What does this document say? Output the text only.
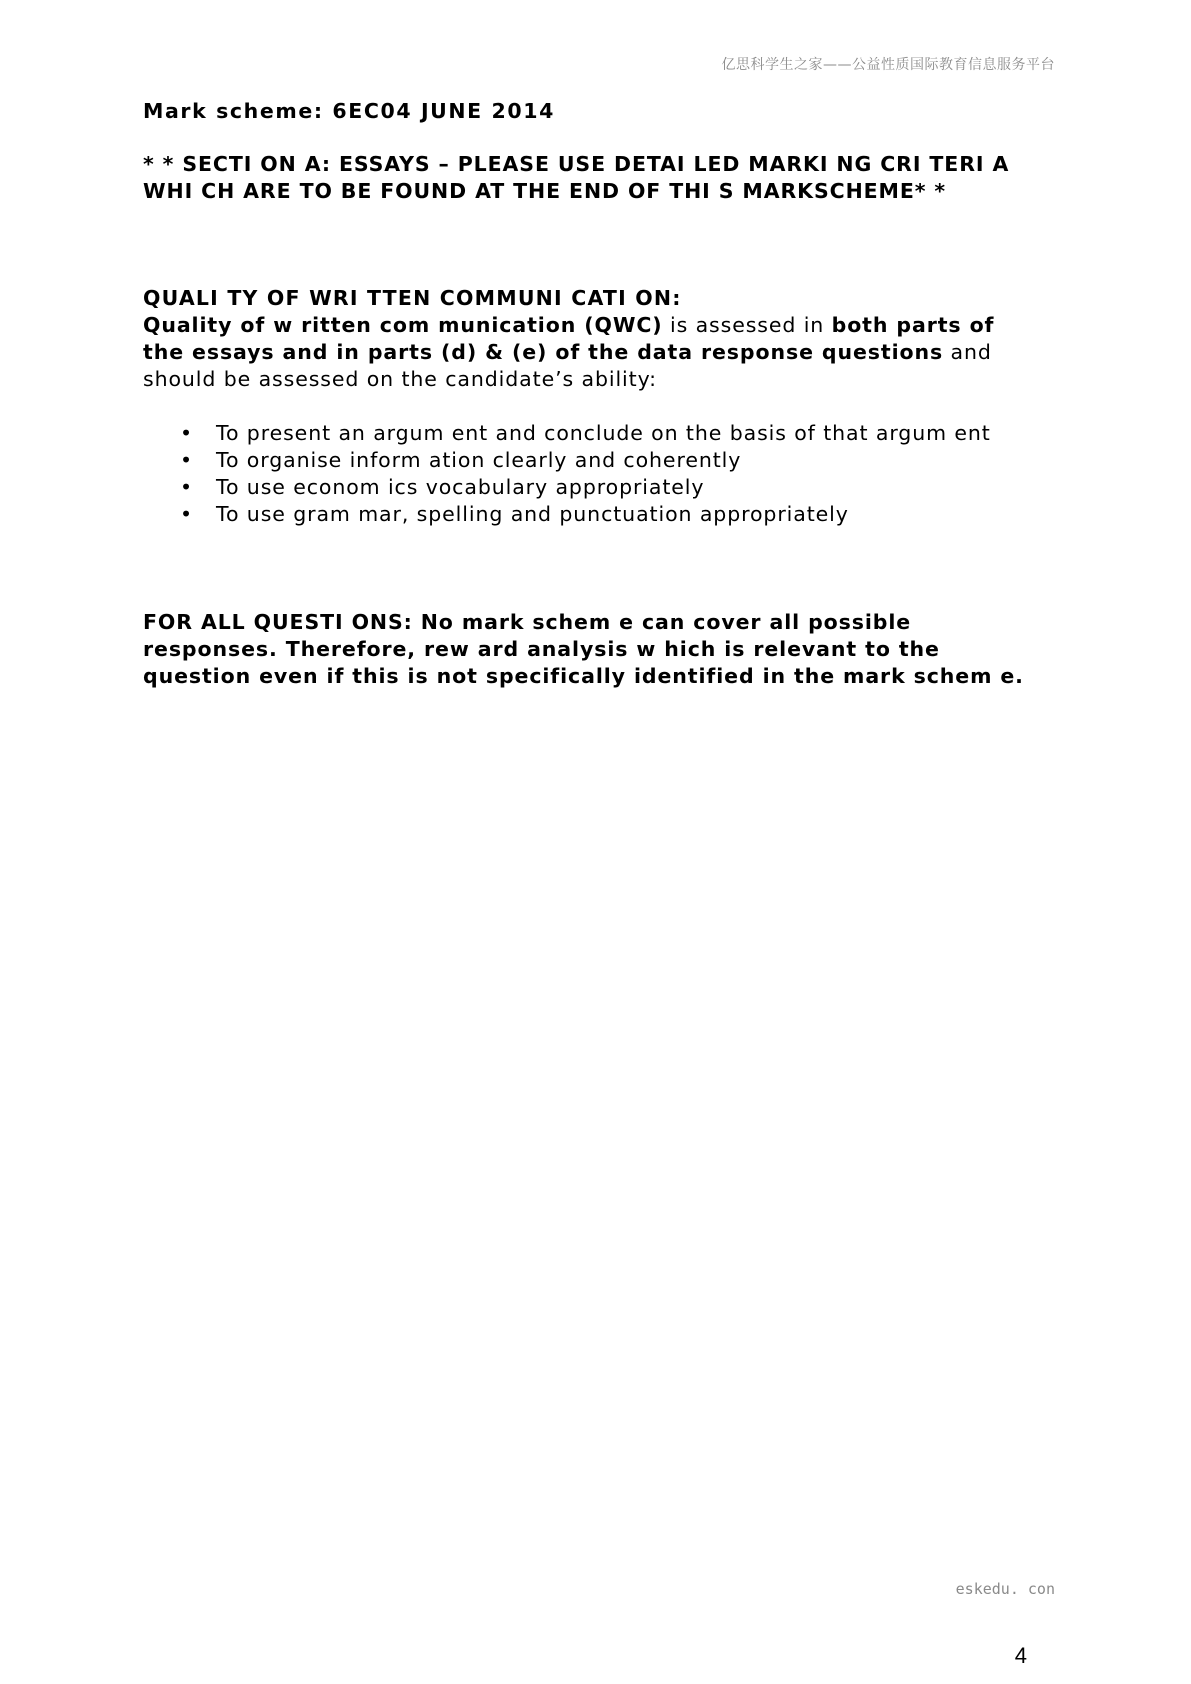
亿思科学生之家——公益性质国际教育信息服务平台
Mark scheme: 6EC04 JUNE 2014
* * SECTI ON A: ESSAYS – PLEASE USE DETAI LED MARKI NG CRI TERI A
WHI CH ARE TO BE FOUND AT THE END OF THI S MARKSCHEME* *
QUALI TY OF WRI TTEN COMMUNI CATI ON:
Quality of w ritten com munication (QWC) is assessed in both parts of
the essays and in parts (d) & (e) of the data response questions and
should be assessed on the candidate’s ability:
• To present an argum ent and conclude on the basis of that argum ent
• To organise inform ation clearly and coherently
• To use econom ics vocabulary appropriately
• To use gram mar, spelling and punctuation appropriately
FOR ALL QUESTI ONS: No mark schem e can cover all possible
responses. Therefore, rew ard analysis w hich is relevant to the
question even if this is not specifically identified in the mark schem e.
eskedu. con
4
